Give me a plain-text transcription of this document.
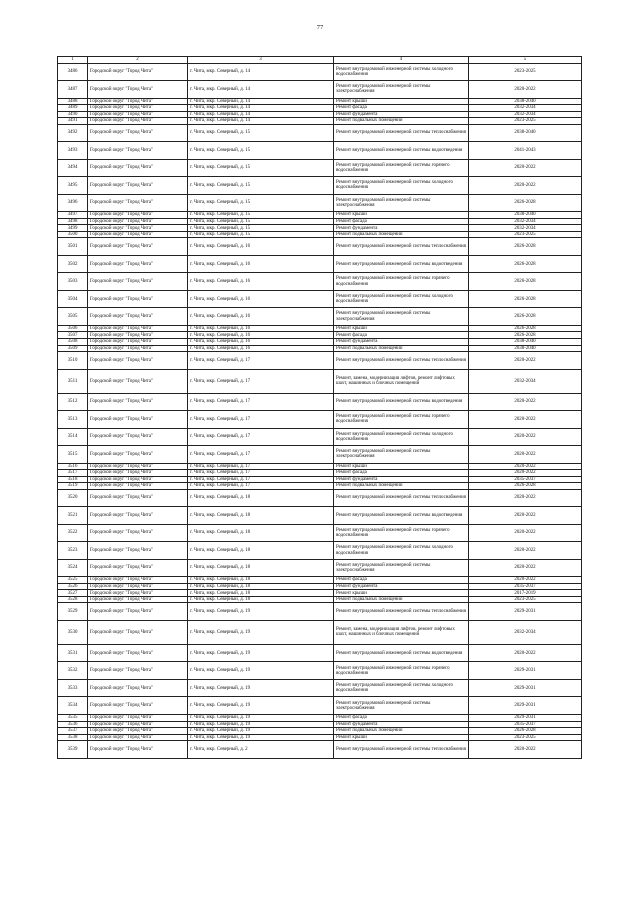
77
1	2	3	4	5
3486	Городской округ "Город Чита"	г. Чита, мкр. Северный, д. 14	Ремонт внутридомовой инженерной системы холодного водоснабжения	2023-2025
3487	Городской округ "Город Чита"	г. Чита, мкр. Северный, д. 14	Ремонт внутридомовой инженерной системы электроснабжения	2020-2022
3488	Городской округ "Город Чита"	г. Чита, мкр. Северный, д. 14	Ремонт крыши	2038-2040
3489	Городской округ "Город Чита"	г. Чита, мкр. Северный, д. 14	Ремонт фасада	2032-2034
3490	Городской округ "Город Чита"	г. Чита, мкр. Северный, д. 14	Ремонт фундамента	2032-2034
3491	Городской округ "Город Чита"	г. Чита, мкр. Северный, д. 14	Ремонт подвальных помещений	2023-2025
3492	Городской округ "Город Чита"	г. Чита, мкр. Северный, д. 15	Ремонт внутридомовой инженерной системы теплоснабжения	2038-2040
3493	Городской округ "Город Чита"	г. Чита, мкр. Северный, д. 15	Ремонт внутридомовой инженерной системы водоотведения	2041-2043
3494	Городской округ "Город Чита"	г. Чита, мкр. Северный, д. 15	Ремонт внутридомовой инженерной системы горячего водоснабжения	2020-2022
3495	Городской округ "Город Чита"	г. Чита, мкр. Северный, д. 15	Ремонт внутридомовой инженерной системы холодного водоснабжения	2020-2022
3496	Городской округ "Город Чита"	г. Чита, мкр. Северный, д. 15	Ремонт внутридомовой инженерной системы электроснабжения	2026-2028
3497	Городской округ "Город Чита"	г. Чита, мкр. Северный, д. 15	Ремонт крыши	2038-2040
3498	Городской округ "Город Чита"	г. Чита, мкр. Северный, д. 15	Ремонт фасада	2032-2034
3499	Городской округ "Город Чита"	г. Чита, мкр. Северный, д. 15	Ремонт фундамента	2032-2034
3500	Городской округ "Город Чита"	г. Чита, мкр. Северный, д. 15	Ремонт подвальных помещений	2023-2025
3501	Городской округ "Город Чита"	г. Чита, мкр. Северный, д. 16	Ремонт внутридомовой инженерной системы теплоснабжения	2026-2028
3502	Городской округ "Город Чита"	г. Чита, мкр. Северный, д. 16	Ремонт внутридомовой инженерной системы водоотведения	2026-2028
3503	Городской округ "Город Чита"	г. Чита, мкр. Северный, д. 16	Ремонт внутридомовой инженерной системы горячего водоснабжения	2026-2028
3504	Городской округ "Город Чита"	г. Чита, мкр. Северный, д. 16	Ремонт внутридомовой инженерной системы холодного водоснабжения	2026-2028
3505	Городской округ "Город Чита"	г. Чита, мкр. Северный, д. 16	Ремонт внутридомовой инженерной системы электроснабжения	2026-2028
3506	Городской округ "Город Чита"	г. Чита, мкр. Северный, д. 16	Ремонт крыши	2026-2028
3507	Городской округ "Город Чита"	г. Чита, мкр. Северный, д. 16	Ремонт фасада	2026-2028
3508	Городской округ "Город Чита"	г. Чита, мкр. Северный, д. 16	Ремонт фундамента	2038-2040
3509	Городской округ "Город Чита"	г. Чита, мкр. Северный, д. 16	Ремонт подвальных помещений	2038-2040
3510	Городской округ "Город Чита"	г. Чита, мкр. Северный, д. 17	Ремонт внутридомовой инженерной системы теплоснабжения	2020-2022
3511	Городской округ "Город Чита"	г. Чита, мкр. Северный, д. 17	Ремонт, замена, модернизация лифтов, ремонт лифтовых шахт, машинных и блочных помещений	2032-2034
3512	Городской округ "Город Чита"	г. Чита, мкр. Северный, д. 17	Ремонт внутридомовой инженерной системы водоотведения	2020-2022
3513	Городской округ "Город Чита"	г. Чита, мкр. Северный, д. 17	Ремонт внутридомовой инженерной системы горячего водоснабжения	2020-2022
3514	Городской округ "Город Чита"	г. Чита, мкр. Северный, д. 17	Ремонт внутридомовой инженерной системы холодного водоснабжения	2020-2022
3515	Городской округ "Город Чита"	г. Чита, мкр. Северный, д. 17	Ремонт внутридомовой инженерной системы электроснабжения	2020-2022
3516	Городской округ "Город Чита"	г. Чита, мкр. Северный, д. 17	Ремонт крыши	2020-2022
3517	Городской округ "Город Чита"	г. Чита, мкр. Северный, д. 17	Ремонт фасада	2020-2022
3518	Городской округ "Город Чита"	г. Чита, мкр. Северный, д. 17	Ремонт фундамента	2035-2037
3519	Городской округ "Город Чита"	г. Чита, мкр. Северный, д. 17	Ремонт подвальных помещений	2026-2028
3520	Городской округ "Город Чита"	г. Чита, мкр. Северный, д. 18	Ремонт внутридомовой инженерной системы теплоснабжения	2020-2022
3521	Городской округ "Город Чита"	г. Чита, мкр. Северный, д. 18	Ремонт внутридомовой инженерной системы водоотведения	2020-2022
3522	Городской округ "Город Чита"	г. Чита, мкр. Северный, д. 18	Ремонт внутридомовой инженерной системы горячего водоснабжения	2020-2022
3523	Городской округ "Город Чита"	г. Чита, мкр. Северный, д. 18	Ремонт внутридомовой инженерной системы холодного водоснабжения	2020-2022
3524	Городской округ "Город Чита"	г. Чита, мкр. Северный, д. 18	Ремонт внутридомовой инженерной системы электроснабжения	2020-2022
3525	Городской округ "Город Чита"	г. Чита, мкр. Северный, д. 18	Ремонт фасада	2020-2022
3526	Городской округ "Город Чита"	г. Чита, мкр. Северный, д. 18	Ремонт фундамента	2035-2037
3527	Городской округ "Город Чита"	г. Чита, мкр. Северный, д. 18	Ремонт крыши	2017-2019
3528	Городской округ "Город Чита"	г. Чита, мкр. Северный, д. 18	Ремонт подвальных помещений	2023-2025
3529	Городской округ "Город Чита"	г. Чита, мкр. Северный, д. 19	Ремонт внутридомовой инженерной системы теплоснабжения	2029-2031
3530	Городской округ "Город Чита"	г. Чита, мкр. Северный, д. 19	Ремонт, замена, модернизация лифтов, ремонт лифтовых шахт, машинных и блочных помещений	2032-2034
3531	Городской округ "Город Чита"	г. Чита, мкр. Северный, д. 19	Ремонт внутридомовой инженерной системы водоотведения	2020-2022
3532	Городской округ "Город Чита"	г. Чита, мкр. Северный, д. 19	Ремонт внутридомовой инженерной системы горячего водоснабжения	2029-2031
3533	Городской округ "Город Чита"	г. Чита, мкр. Северный, д. 19	Ремонт внутридомовой инженерной системы холодного водоснабжения	2029-2031
3534	Городской округ "Город Чита"	г. Чита, мкр. Северный, д. 19	Ремонт внутридомовой инженерной системы электроснабжения	2029-2031
3535	Городской округ "Город Чита"	г. Чита, мкр. Северный, д. 19	Ремонт фасада	2029-2031
3536	Городской округ "Город Чита"	г. Чита, мкр. Северный, д. 19	Ремонт фундамента	2035-2037
3537	Городской округ "Город Чита"	г. Чита, мкр. Северный, д. 19	Ремонт подвальных помещений	2026-2028
3538	Городской округ "Город Чита"	г. Чита, мкр. Северный, д. 19	Ремонт крыши	2023-2025
3539	Городской округ "Город Чита"	г. Чита, мкр. Северный, д. 2	Ремонт внутридомовой инженерной системы теплоснабжения	2020-2022
